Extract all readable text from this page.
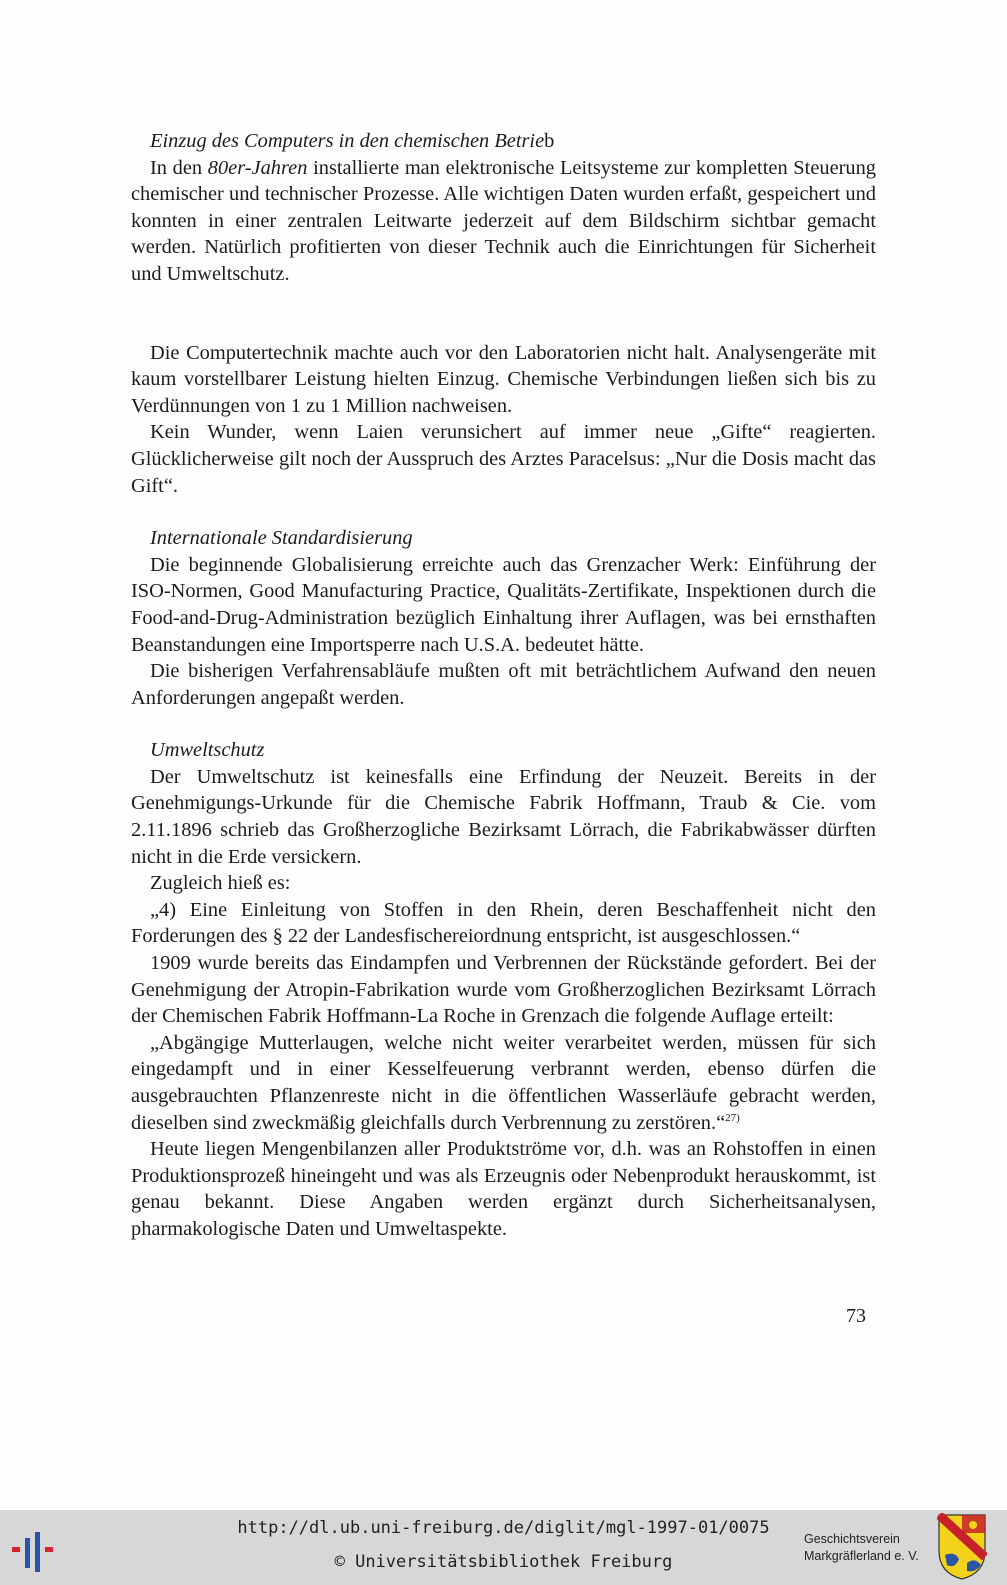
Einzug des Computers in den chemischen Betrieb

In den 80er-Jahren installierte man elektronische Leitsysteme zur kompletten Steuerung chemischer und technischer Prozesse. Alle wichtigen Daten wurden erfaßt, gespeichert und konnten in einer zentralen Leitwarte jederzeit auf dem Bildschirm sichtbar gemacht werden. Natürlich profitierten von dieser Technik auch die Einrichtungen für Sicherheit und Umweltschutz.

Die Computertechnik machte auch vor den Laboratorien nicht halt. Analysengeräte mit kaum vorstellbarer Leistung hielten Einzug. Chemische Verbindungen ließen sich bis zu Verdünnungen von 1 zu 1 Million nachweisen.

Kein Wunder, wenn Laien verunsichert auf immer neue „Gifte“ reagierten. Glücklicherweise gilt noch der Ausspruch des Arztes Paracelsus: „Nur die Dosis macht das Gift“.

Internationale Standardisierung

Die beginnende Globalisierung erreichte auch das Grenzacher Werk: Einführung der ISO-Normen, Good Manufacturing Practice, Qualitäts-Zertifikate, Inspektionen durch die Food-and-Drug-Administration bezüglich Einhaltung ihrer Auflagen, was bei ernsthaften Beanstandungen eine Importsperre nach U.S.A. bedeutet hätte.

Die bisherigen Verfahrensabläufe mußten oft mit beträchtlichem Aufwand den neuen Anforderungen angepaßt werden.

Umweltschutz

Der Umweltschutz ist keinesfalls eine Erfindung der Neuzeit. Bereits in der Genehmigungs-Urkunde für die Chemische Fabrik Hoffmann, Traub & Cie. vom 2.11.1896 schrieb das Großherzogliche Bezirksamt Lörrach, die Fabrikabwässer dürften nicht in die Erde versickern.

Zugleich hieß es:

„4) Eine Einleitung von Stoffen in den Rhein, deren Beschaffenheit nicht den Forderungen des § 22 der Landesfischereiordnung entspricht, ist ausgeschlossen.“

1909 wurde bereits das Eindampfen und Verbrennen der Rückstände gefordert. Bei der Genehmigung der Atropin-Fabrikation wurde vom Großherzoglichen Bezirksamt Lörrach der Chemischen Fabrik Hoffmann-La Roche in Grenzach die folgende Auflage erteilt:

„Abgängige Mutterlaugen, welche nicht weiter verarbeitet werden, müssen für sich eingedampft und in einer Kesselfeuerung verbrannt werden, ebenso dürfen die ausgebrauchten Pflanzenreste nicht in die öffentlichen Wasserläufe gebracht werden, dieselben sind zweckmäßig gleichfalls durch Verbrennung zu zerstören.“$^{27)}$

Heute liegen Mengenbilanzen aller Produktströme vor, d.h. was an Rohstoffen in einen Produktionsprozeß hineingeht und was als Erzeugnis oder Nebenprodukt herauskommt, ist genau bekannt. Diese Angaben werden ergänzt durch Sicherheitsanalysen, pharmakologische Daten und Umweltaspekte.

73
http://dl.ub.uni-freiburg.de/diglit/mgl-1997-01/0075
© Universitätsbibliothek Freiburg
Geschichtsverein
Markgräflerland e. V.
